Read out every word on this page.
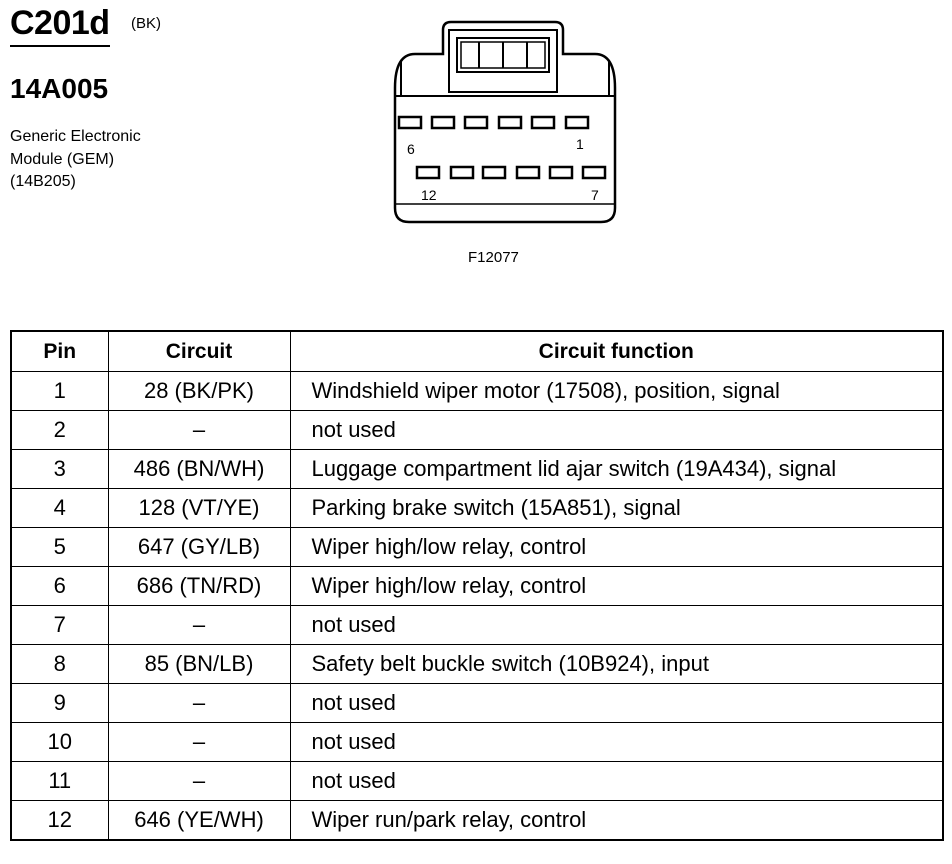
C201d (BK)
14A005
Generic Electronic
Module (GEM)
(14B205)
6	1
12	7
F12077
Pin	Circuit	Circuit function
1	28 (BK/PK)	Windshield wiper motor (17508), position, signal
2	–	not used
3	486 (BN/WH)	Luggage compartment lid ajar switch (19A434), signal
4	128 (VT/YE)	Parking brake switch (15A851), signal
5	647 (GY/LB)	Wiper high/low relay, control
6	686 (TN/RD)	Wiper high/low relay, control
7	–	not used
8	85 (BN/LB)	Safety belt buckle switch (10B924), input
9	–	not used
10	–	not used
11	–	not used
12	646 (YE/WH)	Wiper run/park relay, control
